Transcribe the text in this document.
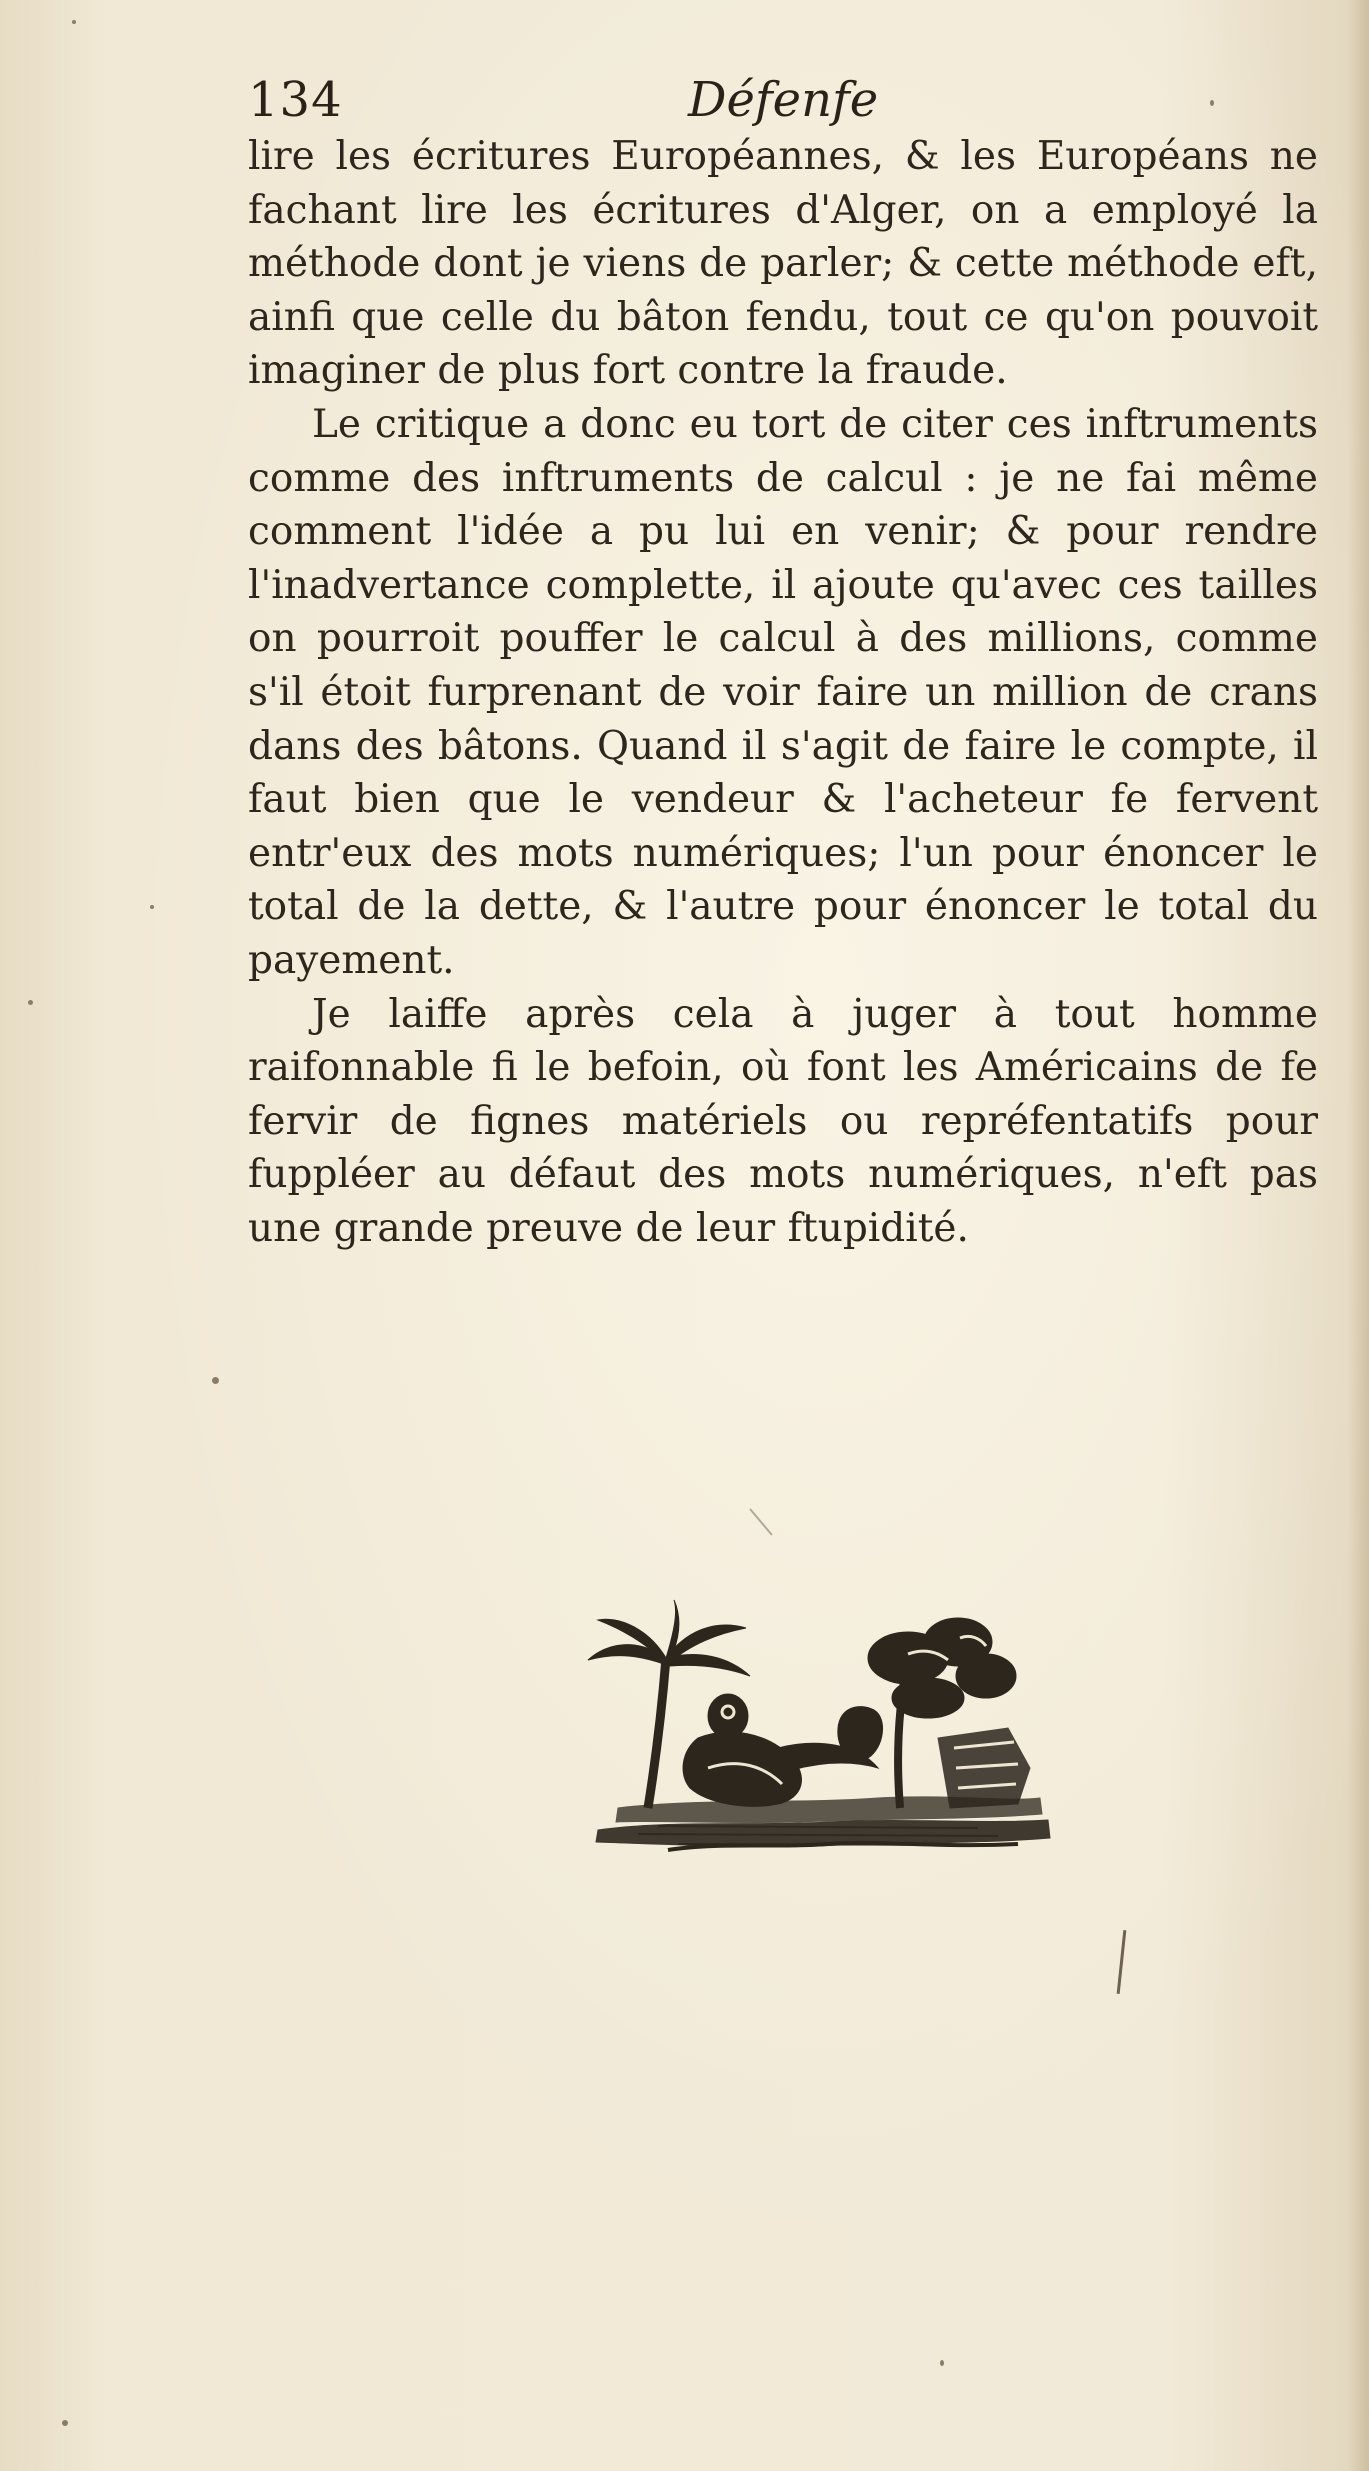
134	Défenfe

lire les écritures Européannes, & les Européans ne fachant lire les écritures d'Alger, on a employé la méthode dont je viens de parler; & cette méthode eft, ainfi que celle du bâton fendu, tout ce qu'on pouvoit imaginer de plus fort contre la fraude.

Le critique a donc eu tort de citer ces inftruments comme des inftruments de calcul : je ne fai même comment l'idée a pu lui en venir; & pour rendre l'inadvertance complette, il ajoute qu'avec ces tailles on pourroit pouffer le calcul à des millions, comme s'il étoit furprenant de voir faire un million de crans dans des bâtons. Quand il s'agit de faire le compte, il faut bien que le vendeur & l'acheteur fe fervent entr'eux des mots numériques; l'un pour énoncer le total de la dette, & l'autre pour énoncer le total du payement.

Je laiffe après cela à juger à tout homme raifonnable fi le befoin, où font les Américains de fe fervir de fignes matériels ou repréfentatifs pour fuppléer au défaut des mots numériques, n'eft pas une grande preuve de leur ftupidité.
